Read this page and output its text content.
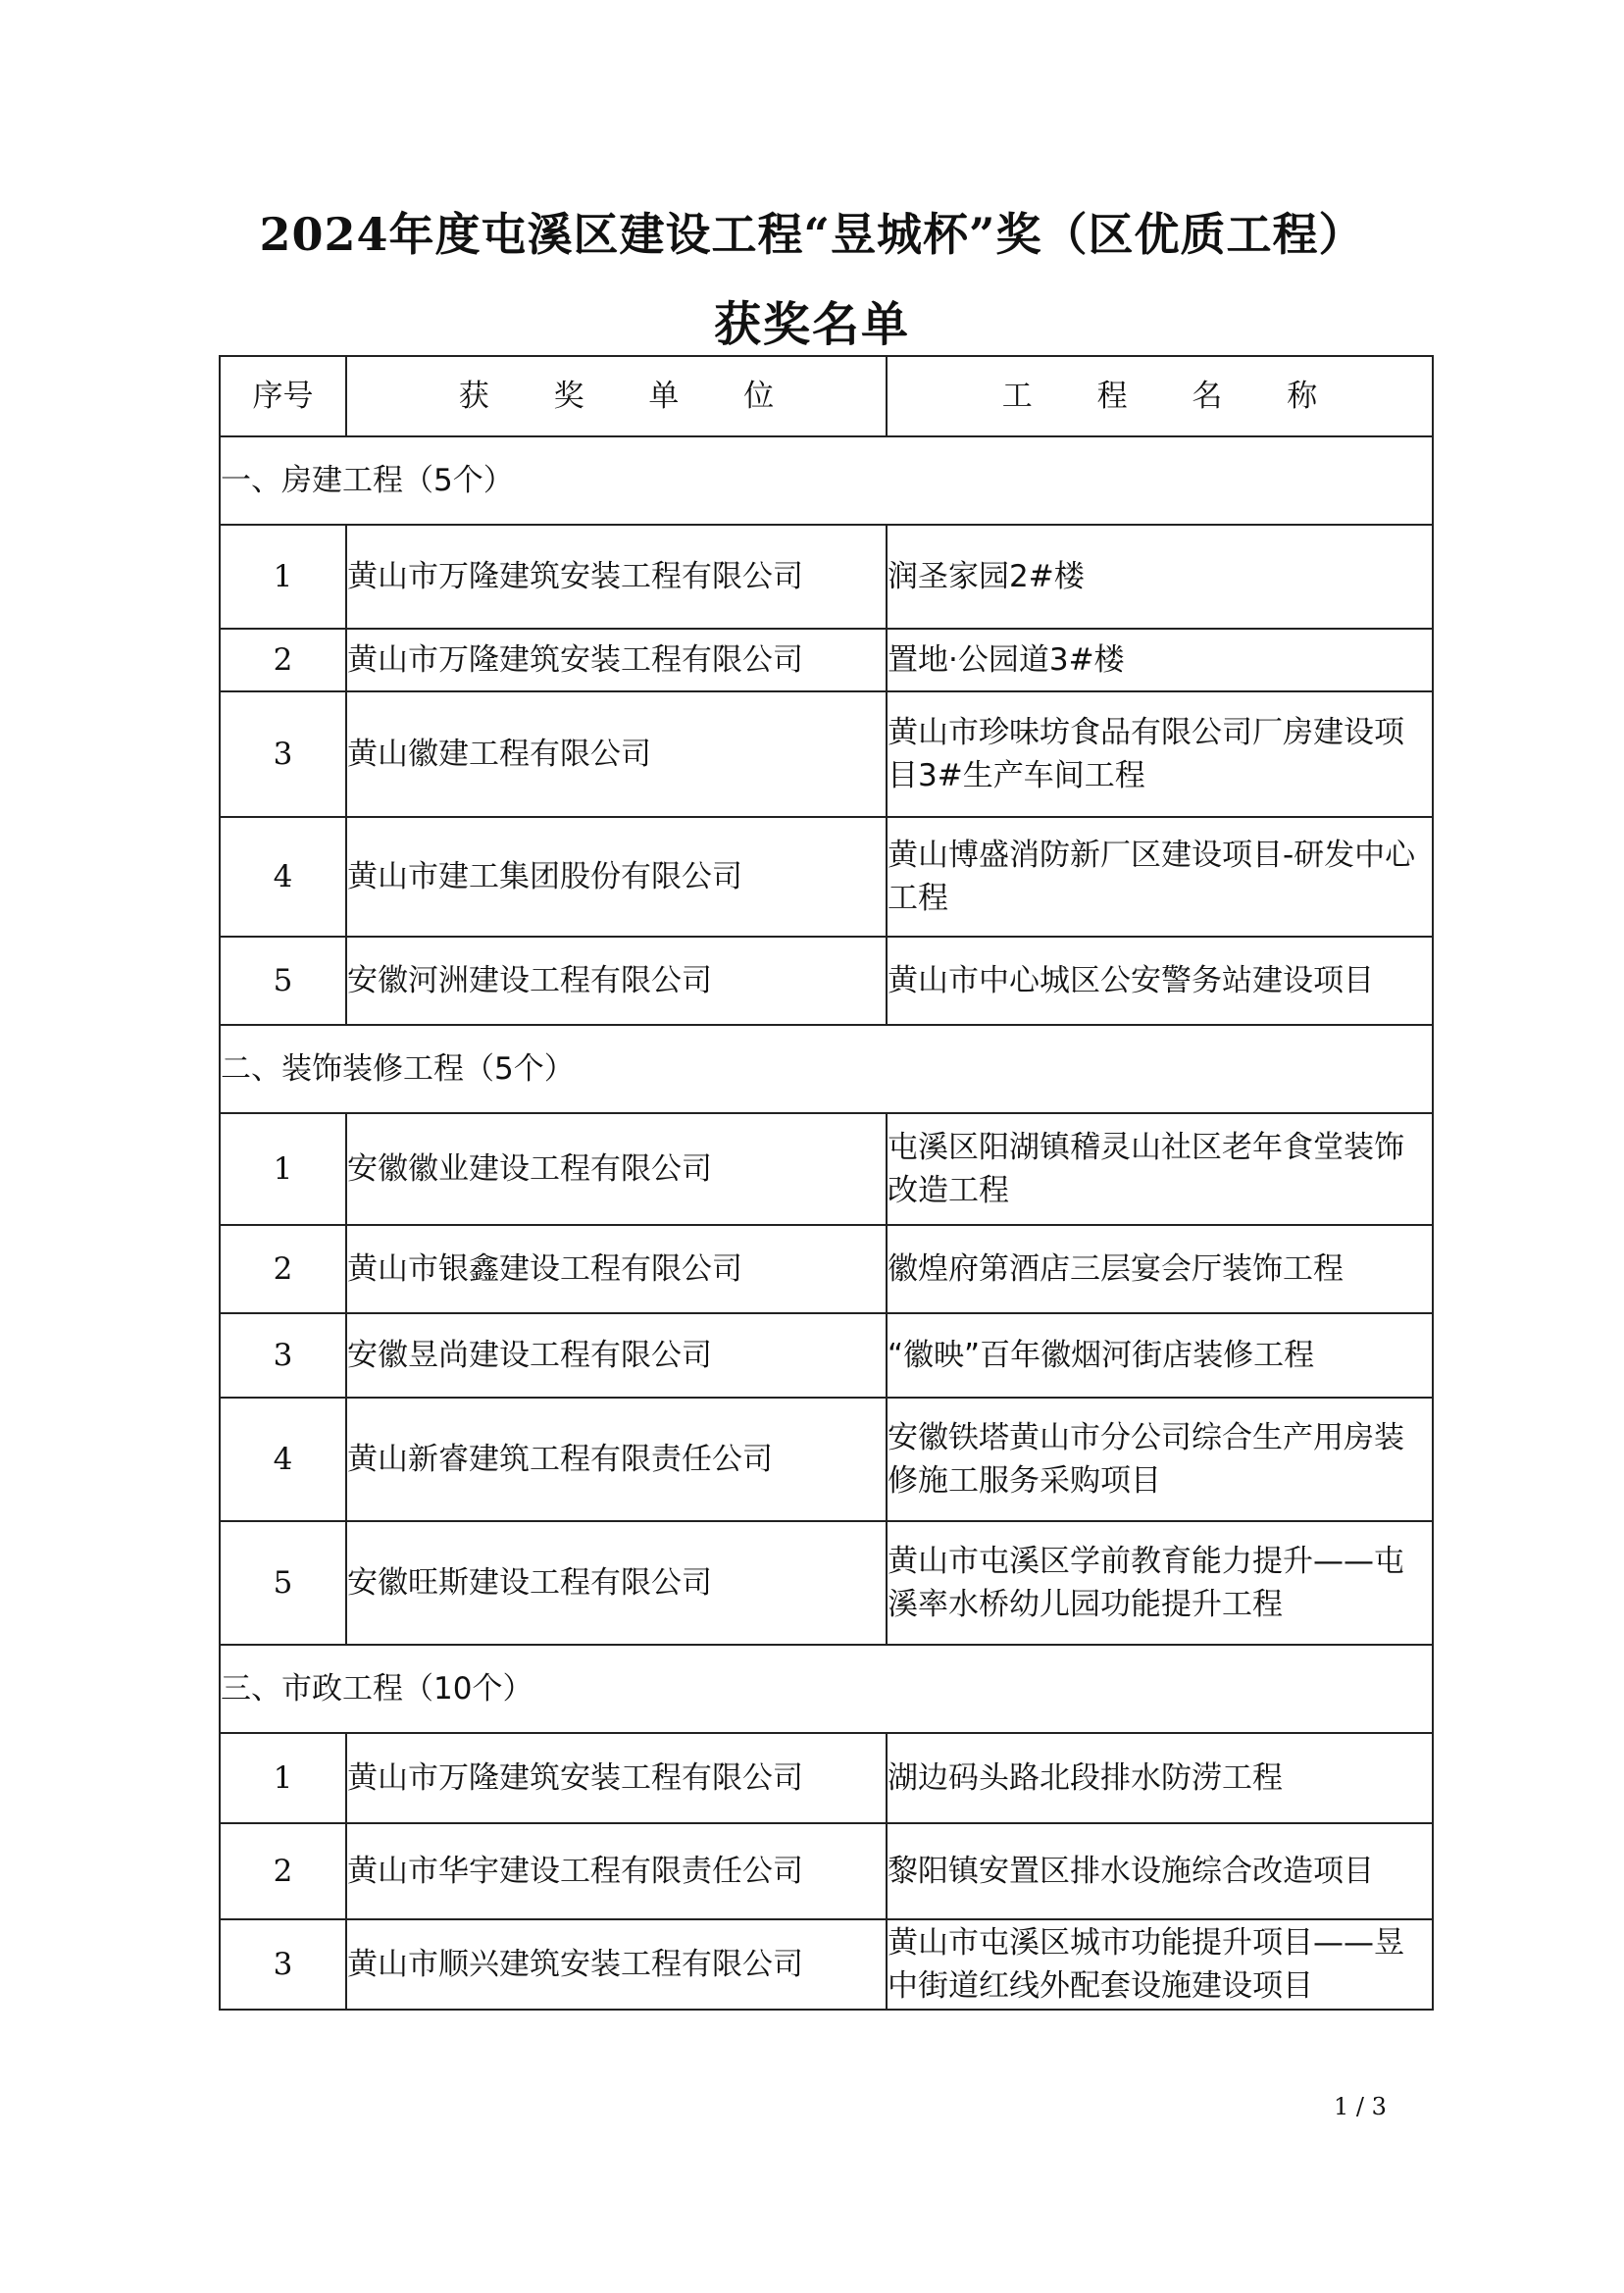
2024年度屯溪区建设工程“昱城杯”奖（区优质工程）
获奖名单
序号	获 奖 单 位	工 程 名 称
一、房建工程（5个）		
1	黄山市万隆建筑安装工程有限公司	润圣家园2#楼
2	黄山市万隆建筑安装工程有限公司	置地·公园道3#楼
3	黄山徽建工程有限公司	黄山市珍味坊食品有限公司厂房建设项目3#生产车间工程
4	黄山市建工集团股份有限公司	黄山博盛消防新厂区建设项目-研发中心工程
5	安徽河洲建设工程有限公司	黄山市中心城区公安警务站建设项目
二、装饰装修工程（5个）		
1	安徽徽业建设工程有限公司	屯溪区阳湖镇稽灵山社区老年食堂装饰改造工程
2	黄山市银鑫建设工程有限公司	徽煌府第酒店三层宴会厅装饰工程
3	安徽昱尚建设工程有限公司	“徽映”百年徽烟河街店装修工程
4	黄山新睿建筑工程有限责任公司	安徽铁塔黄山市分公司综合生产用房装修施工服务采购项目
5	安徽旺斯建设工程有限公司	黄山市屯溪区学前教育能力提升——屯溪率水桥幼儿园功能提升工程
三、市政工程（10个）		
1	黄山市万隆建筑安装工程有限公司	湖边码头路北段排水防涝工程
2	黄山市华宇建设工程有限责任公司	黎阳镇安置区排水设施综合改造项目
3	黄山市顺兴建筑安装工程有限公司	黄山市屯溪区城市功能提升项目——昱中街道红线外配套设施建设项目
1 / 3
